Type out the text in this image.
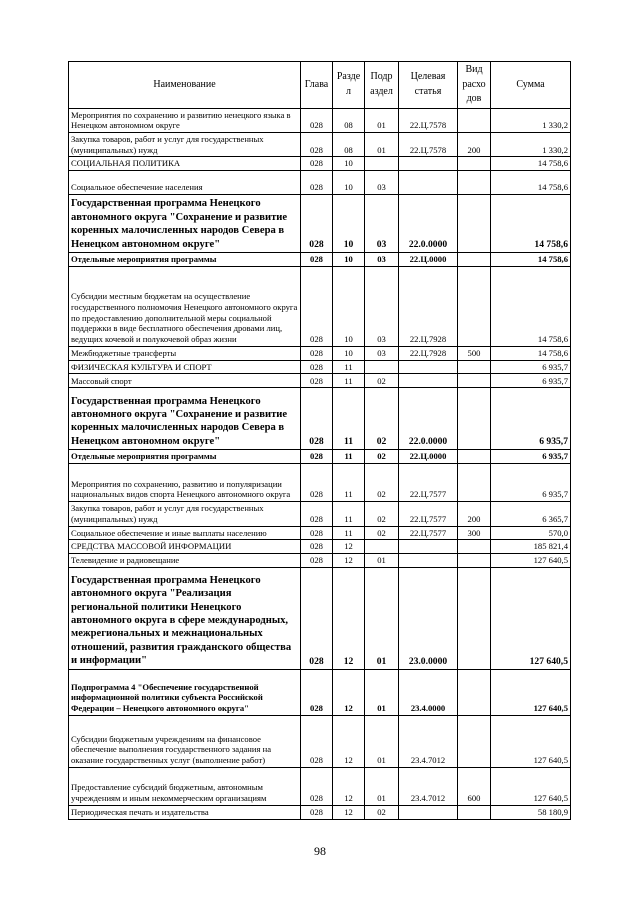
Наименование	Глава	Разде л	Подр аздел	Целевая статья	Вид расхо дов	Сумма
Мероприятия по сохранению и развитию ненецкого языка в Ненецком автономном округе	028	08	01	22.Ц.7578		1 330,2
Закупка товаров, работ и услуг для государственных (муниципальных) нужд	028	08	01	22.Ц.7578	200	1 330,2
СОЦИАЛЬНАЯ ПОЛИТИКА	028	10				14 758,6
Социальное обеспечение населения	028	10	03			14 758,6
Государственная программа Ненецкого автономного округа "Сохранение и развитие коренных малочисленных народов Севера в Ненецком автономном округе"	028	10	03	22.0.0000		14 758,6
Отдельные мероприятия программы	028	10	03	22.Ц.0000		14 758,6
Субсидии местным бюджетам на осуществление государственного полномочия Ненецкого автономного округа по предоставлению дополнительной меры социальной поддержки в виде бесплатного обеспечения дровами лиц, ведущих кочевой и полукочевой образ жизни	028	10	03	22.Ц.7928		14 758,6
Межбюджетные трансферты	028	10	03	22.Ц.7928	500	14 758,6
ФИЗИЧЕСКАЯ КУЛЬТУРА И СПОРТ	028	11				6 935,7
Массовый спорт	028	11	02			6 935,7
Государственная программа Ненецкого автономного округа "Сохранение и развитие коренных малочисленных народов Севера в Ненецком автономном округе"	028	11	02	22.0.0000		6 935,7
Отдельные мероприятия программы	028	11	02	22.Ц.0000		6 935,7
Мероприятия по сохранению, развитию и популяризации национальных видов спорта Ненецкого автономного округа	028	11	02	22.Ц.7577		6 935,7
Закупка товаров, работ и услуг для государственных (муниципальных) нужд	028	11	02	22.Ц.7577	200	6 365,7
Социальное обеспечение и иные выплаты населению	028	11	02	22.Ц.7577	300	570,0
СРЕДСТВА МАССОВОЙ ИНФОРМАЦИИ	028	12				185 821,4
Телевидение и радиовещание	028	12	01			127 640,5
Государственная программа Ненецкого автономного округа "Реализация региональной политики Ненецкого автономного округа в сфере международных, межрегиональных и межнациональных отношений, развития гражданского общества и информации"	028	12	01	23.0.0000		127 640,5
Подпрограмма 4 "Обеспечение государственной информационной политики субъекта Российской Федерации – Ненецкого автономного округа"	028	12	01	23.4.0000		127 640,5
Субсидии бюджетным учреждениям на финансовое обеспечение выполнения государственного задания на оказание государственных услуг (выполнение работ)	028	12	01	23.4.7012		127 640,5
Предоставление субсидий бюджетным, автономным учреждениям и иным некоммерческим организациям	028	12	01	23.4.7012	600	127 640,5
Периодическая печать и издательства	028	12	02			58 180,9
98
